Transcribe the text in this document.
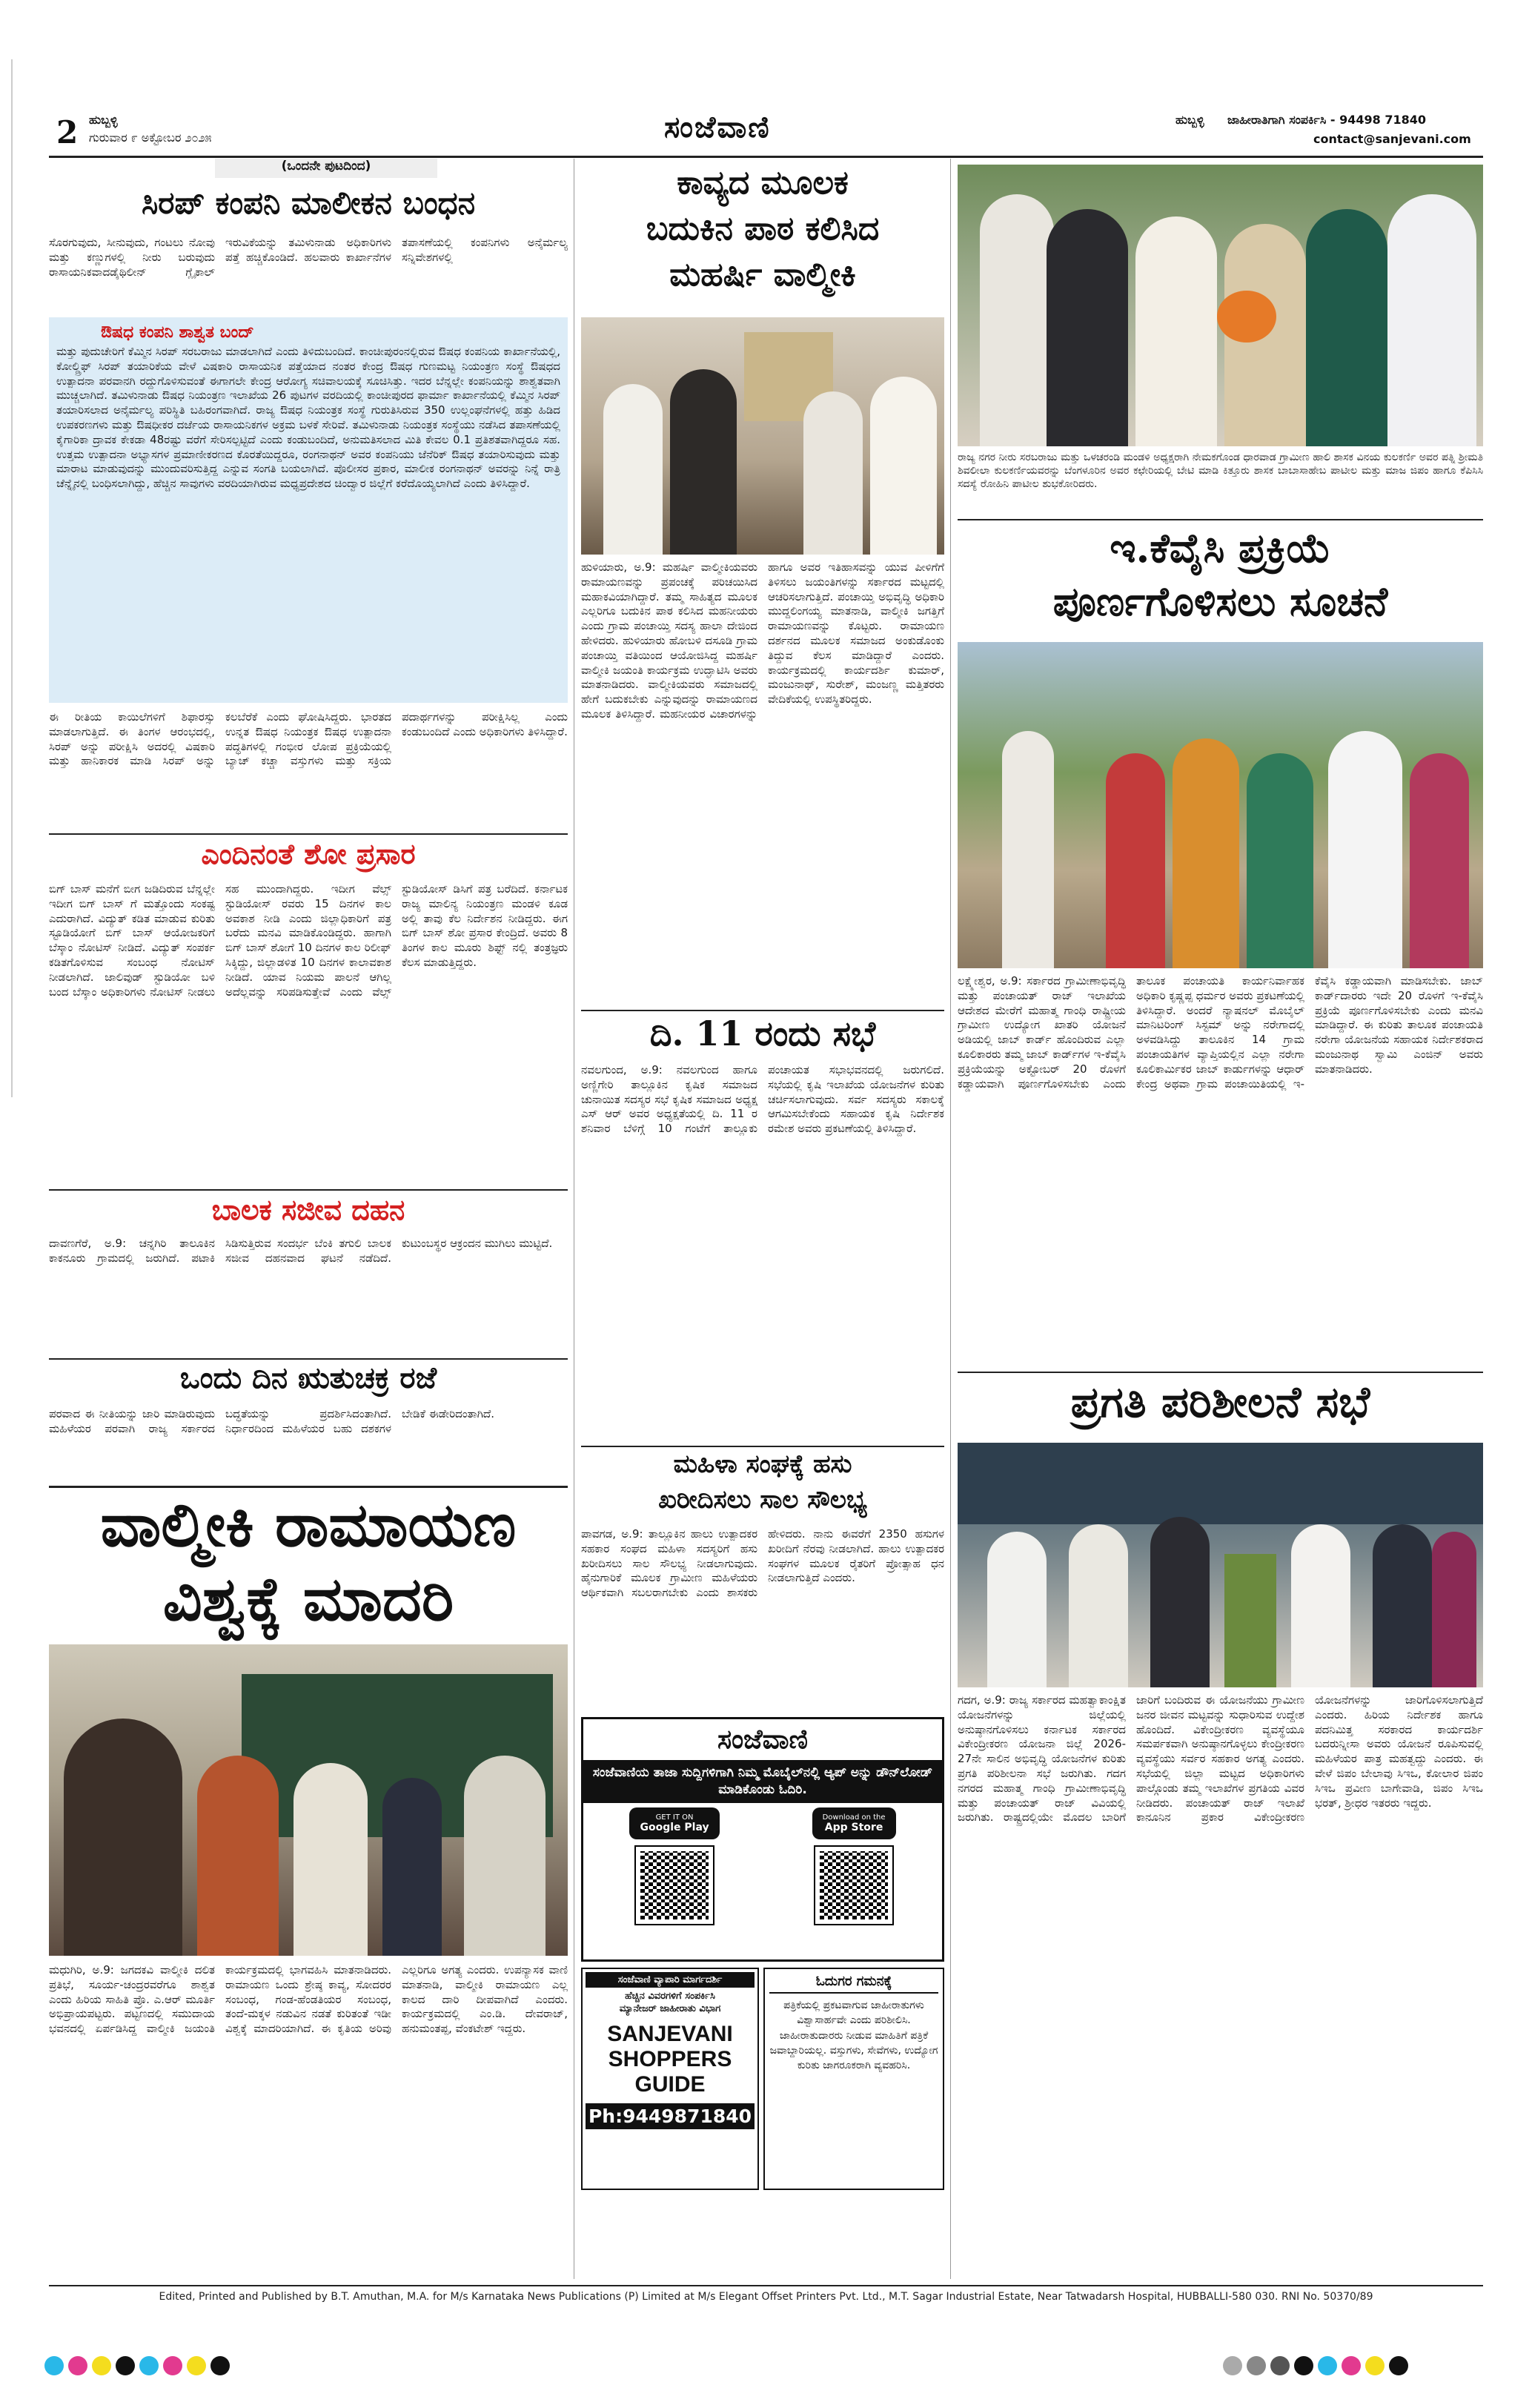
2 ಹುಬ್ಬಳ್ಳಿ
ಗುರುವಾರ ೯ ಅಕ್ಟೋಬರ ೨೦೨೫	ಸಂಜೆವಾಣಿ	ಹುಬ್ಬಳ್ಳಿ ಜಾಹೀರಾತಿಗಾಗಿ ಸಂಪರ್ಕಿಸಿ - 94498 71840
contact@sanjevani.com
(ಒಂದನೇ ಪುಟದಿಂದ)
ಸಿರಪ್ ಕಂಪನಿ ಮಾಲೀಕನ ಬಂಧನ
ಸೊರಗುವುದು, ಸೀನುವುದು, ಗಂಟಲು ನೋವು ಮತ್ತು ಕಣ್ಣುಗಳಲ್ಲಿ ನೀರು ಬರುವುದು ರಾಸಾಯನಿಕವಾದಡೈಥಿಲೀನ್ ಗ್ಲೈಕಾಲ್ ಇರುವಿಕೆಯನ್ನು ತಮಿಳುನಾಡು ಅಧಿಕಾರಿಗಳು ಪತ್ತೆ ಹಚ್ಚಿಕೊಂಡಿದೆ. ಹಲವಾರು ಕಾರ್ಖಾನೆಗಳ ತಪಾಸಣೆಯಲ್ಲಿ ಕಂಪನಿಗಳು ಅನೈರ್ಮಲ್ಯ ಸನ್ನಿವೇಶಗಳಲ್ಲಿ
ಔಷಧ ಕಂಪನಿ ಶಾಶ್ವತ ಬಂದ್
ಮತ್ತು ಪುದುಚೇರಿಗೆ ಕೆಮ್ಮಿನ ಸಿರಪ್ ಸರಬರಾಜು ಮಾಡಲಾಗಿದೆ ಎಂದು ತಿಳಿದುಬಂದಿದೆ. ಕಾಂಚೀಪುರಂನಲ್ಲಿರುವ ಔಷಧ ಕಂಪನಿಯ ಕಾರ್ಖಾನೆಯಲ್ಲಿ, ಕೋಲ್ಡ್ರಿಫ್ ಸಿರಪ್ ತಯಾರಿಕೆಯ ವೇಳೆ ವಿಷಕಾರಿ ರಾಸಾಯನಿಕ ಪತ್ತೆಯಾದ ನಂತರ ಕೇಂದ್ರ ಔಷಧ ಗುಣಮಟ್ಟ ನಿಯಂತ್ರಣ ಸಂಸ್ಥೆ ಔಷಧದ ಉತ್ಪಾದನಾ ಪರವಾನಗಿ ರದ್ದುಗೊಳಿಸುವಂತೆ ಈಗಾಗಲೇ ಕೇಂದ್ರ ಆರೋಗ್ಯ ಸಚಿವಾಲಯಕ್ಕೆ ಸೂಚಿಸಿತ್ತು. ಇದರ ಬೆನ್ನಲ್ಲೇ ಕಂಪನಿಯನ್ನು ಶಾಶ್ವತವಾಗಿ ಮುಚ್ಚಲಾಗಿದೆ. ತಮಿಳುನಾಡು ಔಷಧ ನಿಯಂತ್ರಣ ಇಲಾಖೆಯ 26 ಪುಟಗಳ ವರದಿಯಲ್ಲಿ ಕಾಂಚೀಪುರದ ಫಾರ್ಮಾ ಕಾರ್ಖಾನೆಯಲ್ಲಿ ಕೆಮ್ಮಿನ ಸಿರಪ್ ತಯಾರಿಸಲಾದ ಅನೈರ್ಮಲ್ಯ ಪರಿಸ್ಥಿತಿ ಬಹಿರಂಗವಾಗಿದೆ. ರಾಜ್ಯ ಔಷಧ ನಿಯಂತ್ರಕ ಸಂಸ್ಥೆ ಗುರುತಿಸಿರುವ 350 ಉಲ್ಲಂಘನೆಗಳಲ್ಲಿ ಹತ್ತು ಹಿಡಿದ ಉಪಕರಣಗಳು ಮತ್ತು ಔಷಧೀಕರ ದರ್ಜೆಯ ರಾಸಾಯನಿಕಗಳ ಅಕ್ರಮ ಬಳಕೆ ಸೇರಿವೆ. ತಮಿಳುನಾಡು ನಿಯಂತ್ರಕ ಸಂಸ್ಥೆಯು ನಡೆಸಿದ ತಪಾಸಣೆಯಲ್ಲಿ ಕೈಗಾರಿಕಾ ದ್ರಾವಕ ಕೇಕಡಾ 48ರಷ್ಟು ವರೆಗೆ ಸೇರಿಸಲ್ಪಟ್ಟಿದೆ ಎಂದು ಕಂಡುಬಂದಿದೆ, ಅನುಮತಿಸಲಾದ ಮಿತಿ ಕೇವಲ 0.1 ಪ್ರತಿಶತವಾಗಿದ್ದರೂ ಸಹ. ಉತ್ತಮ ಉತ್ಪಾದನಾ ಅಭ್ಯಾಸಗಳ ಪ್ರಮಾಣೀಕರಣದ ಕೊರತೆಯಿದ್ದರೂ, ರಂಗನಾಥನ್ ಅವರ ಕಂಪನಿಯು ಜೆನೆರಿಕ್ ಔಷಧ ತಯಾರಿಸುವುದು ಮತ್ತು ಮಾರಾಟ ಮಾಡುವುದನ್ನು ಮುಂದುವರಿಸುತ್ತಿದ್ದ ಎನ್ನುವ ಸಂಗತಿ ಬಯಲಾಗಿದೆ. ಪೊಲೀಸರ ಪ್ರಕಾರ, ಮಾಲೀಕ ರಂಗನಾಥನ್ ಅವರನ್ನು ನಿನ್ನೆ ರಾತ್ರಿ ಚೆನ್ನೈನಲ್ಲಿ ಬಂಧಿಸಲಾಗಿದ್ದು, ಹೆಚ್ಚಿನ ಸಾವುಗಳು ವರದಿಯಾಗಿರುವ ಮಧ್ಯಪ್ರದೇಶದ ಚಿಂದ್ವಾರ ಜಿಲ್ಲೆಗೆ ಕರೆದೊಯ್ಯಲಾಗಿದೆ ಎಂದು ತಿಳಿಸಿದ್ದಾರೆ.
ಈ ರೀತಿಯ ಕಾಯಿಲೆಗಳಿಗೆ ಶಿಫಾರಸ್ಸು ಮಾಡಲಾಗುತ್ತಿದೆ. ಈ ತಿಂಗಳ ಆರಂಭದಲ್ಲಿ, ಸಿರಪ್ ಅನ್ನು ಪರೀಕ್ಷಿಸಿ ಅದರಲ್ಲಿ ವಿಷಕಾರಿ ಮತ್ತು ಹಾನಿಕಾರಕ ಮಾಡಿ ಸಿರಪ್ ಅನ್ನು ಕಲಬೆರೆಕೆ ಎಂದು ಘೋಷಿಸಿದ್ದರು. ಭಾರತದ ಉನ್ನತ ಔಷಧ ನಿಯಂತ್ರಕ ಔಷಧ ಉತ್ಪಾದನಾ ಪದ್ಧತಿಗಳಲ್ಲಿ ಗಂಭೀರ ಲೋಪ ಪ್ರಕ್ರಿಯೆಯಲ್ಲಿ ಬ್ಯಾಚ್ ಕಚ್ಚಾ ವಸ್ತುಗಳು ಮತ್ತು ಸಕ್ರಿಯ ಪದಾರ್ಥಗಳನ್ನು ಪರೀಕ್ಷಿಸಿಲ್ಲ ಎಂದು ಕಂಡುಬಂದಿದೆ ಎಂದು ಅಧಿಕಾರಿಗಳು ತಿಳಿಸಿದ್ದಾರೆ.
ಎಂದಿನಂತೆ ಶೋ ಪ್ರಸಾರ
ಬಿಗ್ ಬಾಸ್ ಮನೆಗೆ ಬೀಗ ಜಡಿದಿರುವ ಬೆನ್ನಲ್ಲೇ ಇದೀಗ ಬಿಗ್ ಬಾಸ್ ಗೆ ಮತ್ತೊಂದು ಸಂಕಷ್ಟ ಎದುರಾಗಿದೆ. ವಿದ್ಯುತ್ ಕಡಿತ ಮಾಡುವ ಕುರಿತು ಸ್ಟೂಡಿಯೋಗೆ ಬಿಗ್ ಬಾಸ್ ಆಯೋಜಕರಿಗೆ ಬೆಸ್ಕಾಂ ನೋಟಿಸ್ ನೀಡಿದೆ. ವಿದ್ಯುತ್ ಸಂಪರ್ಕ ಕಡಿತಗೊಳಿಸುವ ಸಂಬಂಧ ನೋಟಿಸ್ ನೀಡಲಾಗಿದೆ. ಜಾಲಿವುಡ್ ಸ್ಟುಡಿಯೋ ಬಳಿ ಬಂದ ಬೆಸ್ಕಾಂ ಅಧಿಕಾರಿಗಳು ನೋಟಿಸ್ ನೀಡಲು ಸಹ ಮುಂದಾಗಿದ್ದರು. ಇದೀಗ ವೆಲ್ಸ್ ಸ್ಟುಡಿಯೋಸ್ ರವರು 15 ದಿನಗಳ ಕಾಲ ಅವಕಾಶ ನೀಡಿ ಎಂದು ಜಿಲ್ಲಾಧಿಕಾರಿಗೆ ಪತ್ರ ಬರೆದು ಮನವಿ ಮಾಡಿಕೊಂಡಿದ್ದರು. ಹಾಗಾಗಿ ಬಿಗ್ ಬಾಸ್ ಶೋಗೆ 10 ದಿನಗಳ ಕಾಲ ರಿಲೀಫ್ ಸಿಕ್ಕಿದ್ದು, ಜಿಲ್ಲಾಡಳಿತ 10 ದಿನಗಳ ಕಾಲಾವಕಾಶ ನೀಡಿದೆ. ಯಾವ ನಿಯಮ ಪಾಲನೆ ಆಗಿಲ್ಲ ಅದೆಲ್ಲವನ್ನು ಸರಿಪಡಿಸುತ್ತೇವೆ ಎಂದು ವೆಲ್ಸ್ ಸ್ಟುಡಿಯೋಸ್ ಡಿಸಿಗೆ ಪತ್ರ ಬರೆದಿದೆ. ಕರ್ನಾಟಕ ರಾಜ್ಯ ಮಾಲಿನ್ಯ ನಿಯಂತ್ರಣ ಮಂಡಳಿ ಕೂಡ ಅಲ್ಲಿ ತಾವು ಕೆಲ ನಿರ್ದೇಶನ ನೀಡಿದ್ದರು. ಈಗ ಬಿಗ್ ಬಾಸ್ ಶೋ ಪ್ರಸಾರ ಕೇಂದ್ರಿದೆ. ಅವರು 8 ತಿಂಗಳ ಕಾಲ ಮೂರು ಶಿಫ್ಟ್ ನಲ್ಲಿ ತಂತ್ರಜ್ಞರು ಕೆಲಸ ಮಾಡುತ್ತಿದ್ದರು.
ಬಾಲಕ ಸಜೀವ ದಹನ
ದಾವಣಗೆರೆ, ಅ.9: ಚನ್ನಗಿರಿ ತಾಲೂಕಿನ ಕಾಕನೂರು ಗ್ರಾಮದಲ್ಲಿ ಜರುಗಿದೆ. ಪಟಾಕಿ ಸಿಡಿಸುತ್ತಿರುವ ಸಂದರ್ಭ ಬೆಂಕಿ ತಗುಲಿ ಬಾಲಕ ಸಜೀವ ದಹನವಾದ ಘಟನೆ ನಡೆದಿದೆ. ಕುಟುಂಬಸ್ಥರ ಆಕ್ರಂದನ ಮುಗಿಲು ಮುಟ್ಟಿದೆ.
ಒಂದು ದಿನ ಋತುಚಕ್ರ ರಜೆ
ಪರವಾದ ಈ ನೀತಿಯನ್ನು ಜಾರಿ ಮಾಡಿರುವುದು ಮಹಿಳೆಯರ ಪರವಾಗಿ ರಾಜ್ಯ ಸರ್ಕಾರದ ಬದ್ಧತೆಯನ್ನು ಪ್ರದರ್ಶಿಸಿದಂತಾಗಿದೆ. ನಿರ್ಧಾರದಿಂದ ಮಹಿಳೆಯರ ಬಹು ದಶಕಗಳ ಬೇಡಿಕೆ ಈಡೇರಿದಂತಾಗಿದೆ.
ವಾಲ್ಮೀಕಿ ರಾಮಾಯಣ
ವಿಶ್ವಕ್ಕೆ ಮಾದರಿ
ಮಧುಗಿರಿ, ಅ.9: ಜಗದಕವಿ ವಾಲ್ಮೀಕಿ ದಲಿತ ಪ್ರತಿಭೆ, ಸೂರ್ಯ-ಚಂದ್ರರವರೆಗೂ ಶಾಶ್ವತ ಎಂದು ಹಿರಿಯ ಸಾಹಿತಿ ಪ್ರೊ. ಎ.ಆರ್ ಮೂರ್ತಿ ಅಭಿಪ್ರಾಯಪಟ್ಟರು. ಪಟ್ಟಣದಲ್ಲಿ ಸಮುದಾಯ ಭವನದಲ್ಲಿ ಏರ್ಪಡಿಸಿದ್ದ ವಾಲ್ಮೀಕಿ ಜಯಂತಿ ಕಾರ್ಯಕ್ರಮದಲ್ಲಿ ಭಾಗವಹಿಸಿ ಮಾತನಾಡಿದರು. ರಾಮಾಯಣ ಒಂದು ಶ್ರೇಷ್ಠ ಕಾವ್ಯ, ಸೋದರರ ಸಂಬಂಧ, ಗಂಡ-ಹೆಂಡತಿಯರ ಸಂಬಂಧ, ತಂದೆ-ಮಕ್ಕಳ ನಡುವಿನ ನಡತೆ ಕುರಿತಂತೆ ಇಡೀ ವಿಶ್ವಕ್ಕೆ ಮಾದರಿಯಾಗಿದೆ. ಈ ಕೃತಿಯ ಅರಿವು ಎಲ್ಲರಿಗೂ ಅಗತ್ಯ ಎಂದರು. ಉಪನ್ಯಾಸಕ ವಾಣಿ ಮಾತನಾಡಿ, ವಾಲ್ಮೀಕಿ ರಾಮಾಯಣ ಎಲ್ಲ ಕಾಲದ ದಾರಿ ದೀಪವಾಗಿದೆ ಎಂದರು. ಕಾರ್ಯಕ್ರಮದಲ್ಲಿ ಎಂ.ಡಿ. ದೇವರಾಜ್, ಹನುಮಂತಪ್ಪ, ವೆಂಕಟೇಶ್ ಇದ್ದರು.
ಕಾವ್ಯದ ಮೂಲಕ
ಬದುಕಿನ ಪಾಠ ಕಲಿಸಿದ
ಮಹರ್ಷಿ ವಾಲ್ಮೀಕಿ
ಹುಳಿಯಾರು, ಅ.9: ಮಹರ್ಷಿ ವಾಲ್ಮೀಕಿಯವರು ರಾಮಾಯಣವನ್ನು ಪ್ರಪಂಚಕ್ಕೆ ಪರಿಚಯಿಸಿದ ಮಹಾಕವಿಯಾಗಿದ್ದಾರೆ. ತಮ್ಮ ಸಾಹಿತ್ಯದ ಮೂಲಕ ಎಲ್ಲರಿಗೂ ಬದುಕಿನ ಪಾಠ ಕಲಿಸಿದ ಮಹನೀಯರು ಎಂದು ಗ್ರಾಮ ಪಂಚಾಯ್ತಿ ಸದಸ್ಯ ಹಾಲಾ ದೇಜಿಂದ ಹೇಳಿದರು. ಹುಳಿಯಾರು ಹೋಬಳಿ ದಸೂಡಿ ಗ್ರಾಮ ಪಂಚಾಯ್ತಿ ವತಿಯಿಂದ ಆಯೋಜಿಸಿದ್ದ ಮಹರ್ಷಿ ವಾಲ್ಮೀಕಿ ಜಯಂತಿ ಕಾರ್ಯಕ್ರಮ ಉದ್ಘಾಟಿಸಿ ಅವರು ಮಾತನಾಡಿದರು. ವಾಲ್ಮೀಕಿಯವರು ಸಮಾಜದಲ್ಲಿ ಹೇಗೆ ಬದುಕಬೇಕು ಎನ್ನುವುದನ್ನು ರಾಮಾಯಣದ ಮೂಲಕ ತಿಳಿಸಿದ್ದಾರೆ. ಮಹನೀಯರ ವಿಚಾರಗಳನ್ನು ಹಾಗೂ ಅವರ ಇತಿಹಾಸವನ್ನು ಯುವ ಪೀಳಿಗೆಗೆ ತಿಳಿಸಲು ಜಯಂತಿಗಳನ್ನು ಸರ್ಕಾರದ ಮಟ್ಟದಲ್ಲಿ ಆಚರಿಸಲಾಗುತ್ತಿದೆ. ಪಂಚಾಯ್ತಿ ಅಭಿವೃದ್ಧಿ ಅಧಿಕಾರಿ ಮುದ್ದಲಿಂಗಯ್ಯ ಮಾತನಾಡಿ, ವಾಲ್ಮೀಕಿ ಜಗತ್ತಿಗೆ ರಾಮಾಯಣವನ್ನು ಕೊಟ್ಟರು. ರಾಮಾಯಣ ದರ್ಶನದ ಮೂಲಕ ಸಮಾಜದ ಅಂಕುಡೊಂಕು ತಿದ್ದುವ ಕೆಲಸ ಮಾಡಿದ್ದಾರೆ ಎಂದರು. ಕಾರ್ಯಕ್ರಮದಲ್ಲಿ ಕಾರ್ಯದರ್ಶಿ ಕುಮಾರ್, ಮಂಜುನಾಥ್, ಸುರೇಶ್, ಮಂಜಣ್ಣ ಮತ್ತಿತರರು ವೇದಿಕೆಯಲ್ಲಿ ಉಪಸ್ಥಿತರಿದ್ದರು.
ದಿ. 11 ರಂದು ಸಭೆ
ನವಲಗುಂದ, ಅ.9: ನವಲಗುಂದ ಹಾಗೂ ಅಣ್ಣಿಗೇರಿ ತಾಲ್ಲೂಕಿನ ಕೃಷಿಕ ಸಮಾಜದ ಚುನಾಯಿತ ಸದಸ್ಯರ ಸಭೆ ಕೃಷಿಕ ಸಮಾಜದ ಅಧ್ಯಕ್ಷ ಎಸ್ ಆರ್ ಅವರ ಅಧ್ಯಕ್ಷತೆಯಲ್ಲಿ ದಿ. 11 ರ ಶನಿವಾರ ಬೆಳಿಗ್ಗೆ 10 ಗಂಟೆಗೆ ತಾಲ್ಲೂಕು ಪಂಚಾಯತ ಸಭಾಭವನದಲ್ಲಿ ಜರುಗಲಿದೆ. ಸಭೆಯಲ್ಲಿ ಕೃಷಿ ಇಲಾಖೆಯ ಯೋಜನೆಗಳ ಕುರಿತು ಚರ್ಚಿಸಲಾಗುವುದು. ಸರ್ವ ಸದಸ್ಯರು ಸಕಾಲಕ್ಕೆ ಆಗಮಿಸಬೇಕೆಂದು ಸಹಾಯಕ ಕೃಷಿ ನಿರ್ದೇಶಕ ರಮೇಶ ಅವರು ಪ್ರಕಟಣೆಯಲ್ಲಿ ತಿಳಿಸಿದ್ದಾರೆ.
ಮಹಿಳಾ ಸಂಘಕ್ಕೆ ಹಸು
ಖರೀದಿಸಲು ಸಾಲ ಸೌಲಭ್ಯ
ಪಾವಗಡ, ಅ.9: ತಾಲ್ಲೂಕಿನ ಹಾಲು ಉತ್ಪಾದಕರ ಸಹಕಾರ ಸಂಘದ ಮಹಿಳಾ ಸದಸ್ಯರಿಗೆ ಹಸು ಖರೀದಿಸಲು ಸಾಲ ಸೌಲಭ್ಯ ನೀಡಲಾಗುವುದು. ಹೈನುಗಾರಿಕೆ ಮೂಲಕ ಗ್ರಾಮೀಣ ಮಹಿಳೆಯರು ಆರ್ಥಿಕವಾಗಿ ಸಬಲರಾಗಬೇಕು ಎಂದು ಶಾಸಕರು ಹೇಳಿದರು. ನಾನು ಈವರೆಗೆ 2350 ಹಸುಗಳ ಖರೀದಿಗೆ ನೆರವು ನೀಡಲಾಗಿದೆ. ಹಾಲು ಉತ್ಪಾದಕರ ಸಂಘಗಳ ಮೂಲಕ ರೈತರಿಗೆ ಪ್ರೋತ್ಸಾಹ ಧನ ನೀಡಲಾಗುತ್ತಿದೆ ಎಂದರು.
ಸಂಜೆವಾಣಿ
ಸಂಜೆವಾಣಿಯ ತಾಜಾ ಸುದ್ದಿಗಳಿಗಾಗಿ ನಿಮ್ಮ ಮೊಬೈಲ್‌ನಲ್ಲಿ ಆ್ಯಪ್ ಅನ್ನು ಡೌನ್‌ಲೋಡ್ ಮಾಡಿಕೊಂಡು ಓದಿರಿ.
GET IT ON
Google Play
Download on the
App Store
ಸಂಜೆವಾಣಿ ವ್ಯಾಪಾರಿ ಮಾರ್ಗದರ್ಶಿ
ಹೆಚ್ಚಿನ ವಿವರಗಳಿಗೆ ಸಂಪರ್ಕಿಸಿ
ಮ್ಯಾನೇಜರ್ ಜಾಹೀರಾತು ವಿಭಾಗ
SANJEVANI
SHOPPERS
GUIDE
Ph:9449871840
ಓದುಗರ ಗಮನಕ್ಕೆ
ಪತ್ರಿಕೆಯಲ್ಲಿ ಪ್ರಕಟವಾಗುವ ಜಾಹೀರಾತುಗಳು ವಿಶ್ವಾಸಾರ್ಹವೇ ಎಂದು ಪರಿಶೀಲಿಸಿ. ಜಾಹೀರಾತುದಾರರು ನೀಡುವ ಮಾಹಿತಿಗೆ ಪತ್ರಿಕೆ ಜವಾಬ್ದಾರಿಯಲ್ಲ. ವಸ್ತುಗಳು, ಸೇವೆಗಳು, ಉದ್ಯೋಗ ಕುರಿತು ಜಾಗರೂಕರಾಗಿ ವ್ಯವಹರಿಸಿ.
ರಾಜ್ಯ ನಗರ ನೀರು ಸರಬರಾಜು ಮತ್ತು ಒಳಚರಂಡಿ ಮಂಡಳಿ ಅಧ್ಯಕ್ಷರಾಗಿ ನೇಮಕಗೊಂಡ ಧಾರವಾಡ ಗ್ರಾಮೀಣ ಹಾಲಿ ಶಾಸಕ ವಿನಯ ಕುಲಕರ್ಣಿ ಅವರ ಪತ್ನಿ ಶ್ರೀಮತಿ ಶಿವಲೀಲಾ ಕುಲಕರ್ಣಿಯವರನ್ನು ಬೆಂಗಳೂರಿನ ಅವರ ಕಛೇರಿಯಲ್ಲಿ ಬೇಟಿ ಮಾಡಿ ಕಿತ್ತೂರು ಶಾಸಕ ಬಾಬಾಸಾಹೇಬ ಪಾಟೀಲ ಮತ್ತು ಮಾಜ ಜಿಪಂ ಹಾಗೂ ಕೆಪಿಸಿಸಿ ಸದಸ್ಯೆ ರೋಹಿನಿ ಪಾಟೀಲ ಶುಭಕೋರಿದರು.
ಇ.ಕೆವೈಸಿ ಪ್ರಕ್ರಿಯೆ
ಪೂರ್ಣಗೊಳಿಸಲು ಸೂಚನೆ
ಲಕ್ಷ್ಮೇಶ್ವರ, ಅ.9: ಸರ್ಕಾರದ ಗ್ರಾಮೀಣಾಭಿವೃದ್ಧಿ ಮತ್ತು ಪಂಚಾಯತ್ ರಾಜ್ ಇಲಾಖೆಯ ಆದೇಶದ ಮೇರೆಗೆ ಮಹಾತ್ಮ ಗಾಂಧಿ ರಾಷ್ಟ್ರೀಯ ಗ್ರಾಮೀಣ ಉದ್ಯೋಗ ಖಾತರಿ ಯೋಜನೆ ಅಡಿಯಲ್ಲಿ ಜಾಬ್ ಕಾರ್ಡ್ ಹೊಂದಿರುವ ಎಲ್ಲಾ ಕೂಲಿಕಾರರು ತಮ್ಮ ಜಾಬ್ ಕಾರ್ಡ್‌ಗಳ ಇ-ಕೆವೈಸಿ ಪ್ರಕ್ರಿಯೆಯನ್ನು ಅಕ್ಟೋಬರ್ 20 ರೊಳಗೆ ಕಡ್ಡಾಯವಾಗಿ ಪೂರ್ಣಗೊಳಿಸಬೇಕು ಎಂದು ತಾಲೂಕ ಪಂಚಾಯತಿ ಕಾರ್ಯನಿರ್ವಾಹಕ ಅಧಿಕಾರಿ ಕೃಷ್ಣಪ್ಪ ಧರ್ಮರ ಅವರು ಪ್ರಕಟಣೆಯಲ್ಲಿ ತಿಳಿಸಿದ್ದಾರೆ. ಅಂದರೆ ನ್ಯಾಷನಲ್ ಮೊಬೈಲ್ ಮಾನಿಟರಿಂಗ್ ಸಿಸ್ಟಮ್ ಅನ್ನು ನರೇಗಾದಲ್ಲಿ ಅಳವಡಿಸಿದ್ದು ತಾಲೂಕಿನ 14 ಗ್ರಾಮ ಪಂಚಾಯತಿಗಳ ವ್ಯಾಪ್ತಿಯಲ್ಲಿನ ಎಲ್ಲಾ ನರೇಗಾ ಕೂಲಿಕಾರ್ಮಿಕರ ಜಾಬ್ ಕಾರ್ಡುಗಳನ್ನು ಆಧಾರ್ ಕೇಂದ್ರ ಅಥವಾ ಗ್ರಾಮ ಪಂಚಾಯಿತಿಯಲ್ಲಿ ಇ-ಕೆವೈಸಿ ಕಡ್ಡಾಯವಾಗಿ ಮಾಡಿಸಬೇಕು. ಜಾಬ್ ಕಾರ್ಡ್‌ದಾರರು ಇದೇ 20 ರೊಳಗೆ ಇ-ಕೆವೈಸಿ ಪ್ರಕ್ರಿಯೆ ಪೂರ್ಣಗೊಳಿಸಬೇಕು ಎಂದು ಮನವಿ ಮಾಡಿದ್ದಾರೆ. ಈ ಕುರಿತು ತಾಲೂಕ ಪಂಚಾಯತಿ ನರೇಗಾ ಯೋಜನೆಯ ಸಹಾಯಕ ನಿರ್ದೇಶಕರಾದ ಮಂಜುನಾಥ ಸ್ವಾಮಿ ಎಂಜಿನ್ ಅವರು ಮಾತನಾಡಿದರು.
ಪ್ರಗತಿ ಪರಿಶೀಲನೆ ಸಭೆ
ಗದಗ, ಅ.9: ರಾಜ್ಯ ಸರ್ಕಾರದ ಮಹತ್ವಾಕಾಂಕ್ಷಿತ ಯೋಜನೆಗಳನ್ನು ಜಿಲ್ಲೆಯಲ್ಲಿ ಅನುಷ್ಠಾನಗೊಳಿಸಲು ಕರ್ನಾಟಕ ಸರ್ಕಾರದ ವಿಕೇಂದ್ರೀಕರಣ ಯೋಜನಾ ಜಿಲ್ಲೆ 2026-27ನೇ ಸಾಲಿನ ಅಭಿವೃದ್ಧಿ ಯೋಜನೆಗಳ ಕುರಿತು ಪ್ರಗತಿ ಪರಿಶೀಲನಾ ಸಭೆ ಜರುಗಿತು. ಗದಗ ನಗರದ ಮಹಾತ್ಮ ಗಾಂಧಿ ಗ್ರಾಮೀಣಾಭಿವೃದ್ಧಿ ಮತ್ತು ಪಂಚಾಯತ್ ರಾಜ್ ವಿವಿಯಲ್ಲಿ ಜರುಗಿತು. ರಾಷ್ಟ್ರದಲ್ಲಿಯೇ ಮೊದಲ ಬಾರಿಗೆ ಜಾರಿಗೆ ಬಂದಿರುವ ಈ ಯೋಜನೆಯು ಗ್ರಾಮೀಣ ಜನರ ಜೀವನ ಮಟ್ಟವನ್ನು ಸುಧಾರಿಸುವ ಉದ್ದೇಶ ಹೊಂದಿದೆ. ವಿಕೇಂದ್ರೀಕರಣ ವ್ಯವಸ್ಥೆಯೂ ಸಮರ್ಪಕವಾಗಿ ಅನುಷ್ಠಾನಗೊಳ್ಳಲು ಕೇಂದ್ರೀಕರಣ ವ್ಯವಸ್ಥೆಯು ಸರ್ವರ ಸಹಕಾರ ಅಗತ್ಯ ಎಂದರು. ಸಭೆಯಲ್ಲಿ ಜಿಲ್ಲಾ ಮಟ್ಟದ ಅಧಿಕಾರಿಗಳು ಪಾಲ್ಗೊಂಡು ತಮ್ಮ ಇಲಾಖೆಗಳ ಪ್ರಗತಿಯ ವಿವರ ನೀಡಿದರು. ಪಂಚಾಯತ್ ರಾಜ್ ಇಲಾಖೆ ಕಾನೂನಿನ ಪ್ರಕಾರ ವಿಕೇಂದ್ರೀಕರಣ ಯೋಜನೆಗಳನ್ನು ಜಾರಿಗೊಳಿಸಲಾಗುತ್ತಿದೆ ಎಂದರು. ಹಿರಿಯ ನಿರ್ದೇಶಕ ಹಾಗೂ ಪದನಿಮಿತ್ತ ಸರಕಾರದ ಕಾರ್ಯದರ್ಶಿ ಬದರುನ್ನೀಸಾ ಅವರು ಯೋಜನೆ ರೂಪಿಸುವಲ್ಲಿ ಮಹಿಳೆಯರ ಪಾತ್ರ ಮಹತ್ವದ್ದು ಎಂದರು. ಈ ವೇಳೆ ಜಿಪಂ ಬೇಲಾವು ಸಿಇಒ, ಕೋಲಾರ ಜಿಪಂ ಸಿಇಒ ಪ್ರವೀಣ ಬಾಗೇವಾಡಿ, ಜಿಪಂ ಸಿಇಒ ಭರತ್, ಶ್ರೀಧರ ಇತರರು ಇದ್ದರು.
Edited, Printed and Published by B.T. Amuthan, M.A. for M/s Karnataka News Publications (P) Limited at M/s Elegant Offset Printers Pvt. Ltd., M.T. Sagar Industrial Estate, Near Tatwadarsh Hospital, HUBBALLI-580 030. RNI No. 50370/89
